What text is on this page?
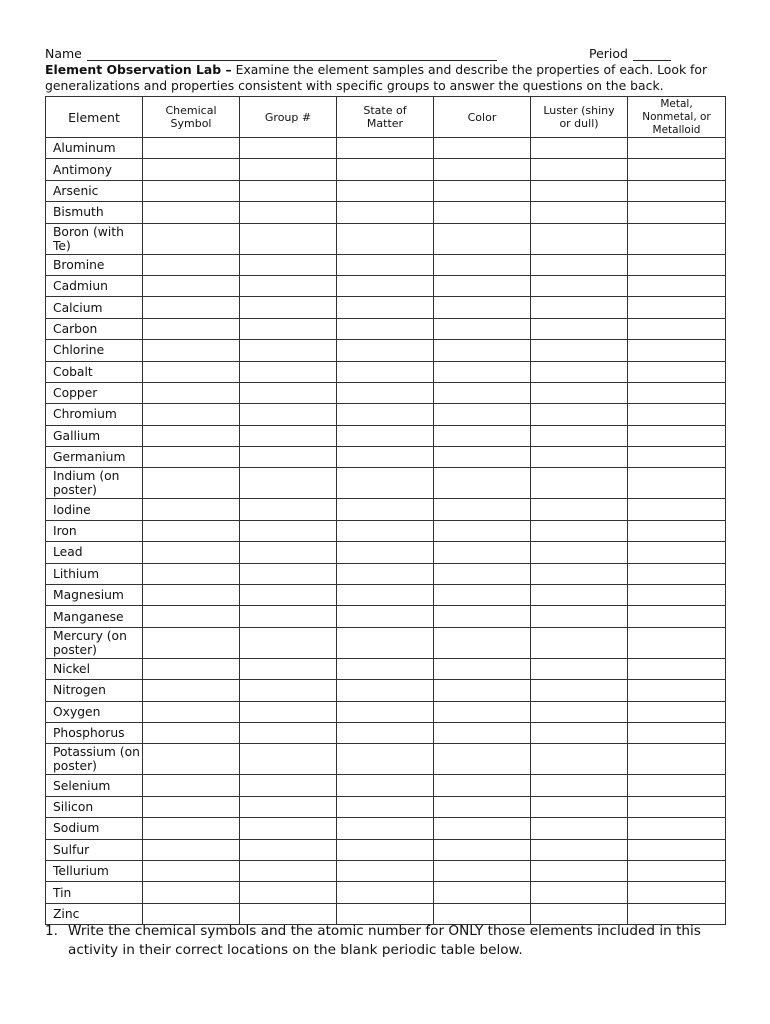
Name	Period
Element Observation Lab – Examine the element samples and describe the properties of each. Look for generalizations and properties consistent with specific groups to answer the questions on the back.
Element	Chemical Symbol	Group #	State of Matter	Color	Luster (shiny or dull)	Metal, Nonmetal, or Metalloid
Aluminum						
Antimony						
Arsenic						
Bismuth						
Boron (with Te)						
Bromine						
Cadmiun						
Calcium						
Carbon						
Chlorine						
Cobalt						
Copper						
Chromium						
Gallium						
Germanium						
Indium (on poster)						
Iodine						
Iron						
Lead						
Lithium						
Magnesium						
Manganese						
Mercury (on poster)						
Nickel						
Nitrogen						
Oxygen						
Phosphorus						
Potassium (on poster)						
Selenium						
Silicon						
Sodium						
Sulfur						
Tellurium						
Tin						
Zinc						
1. Write the chemical symbols and the atomic number for ONLY those elements included in this activity in their correct locations on the blank periodic table below.
